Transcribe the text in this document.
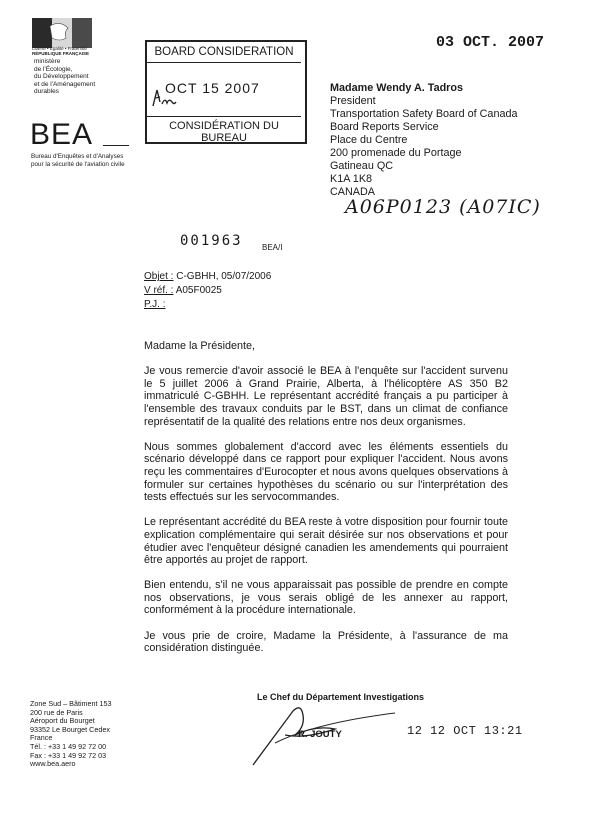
Liberté • Égalité • Fraternité
RÉPUBLIQUE FRANÇAISE
ministère
de l'Écologie,
du Développement
et de l'Aménagement
durables
BEA
Bureau d'Enquêtes et d'Analyses
pour la sécurité de l'aviation civile
BOARD CONSIDERATION
OCT 15 2007
CONSIDÉRATION DU BUREAU
03 OCT. 2007
Madame Wendy A. Tadros
President
Transportation Safety Board of Canada
Board Reports Service
Place du Centre
200 promenade du Portage
Gatineau QC
K1A 1K8
CANADA
A06P0123 (A07IC)
001963 BEA/I
Objet : C-GBHH, 05/07/2006
V réf. : A05F0025
P.J. :

Madame la Présidente,

Je vous remercie d'avoir associé le BEA à l'enquête sur l'accident survenu le 5 juillet 2006 à Grand Prairie, Alberta, à l'hélicoptère AS 350 B2 immatriculé C-GBHH. Le représentant accrédité français a pu participer à l'ensemble des travaux conduits par le BST, dans un climat de confiance représentatif de la qualité des relations entre nos deux organismes.

Nous sommes globalement d'accord avec les éléments essentiels du scénario développé dans ce rapport pour expliquer l'accident. Nous avons reçu les commentaires d'Eurocopter et nous avons quelques observations à formuler sur certaines hypothèses du scénario ou sur l'interprétation des tests effectués sur les servocommandes.

Le représentant accrédité du BEA reste à votre disposition pour fournir toute explication complémentaire qui serait désirée sur nos observations et pour étudier avec l'enquêteur désigné canadien les amendements qui pourraient être apportés au projet de rapport.

Bien entendu, s'il ne vous apparaissait pas possible de prendre en compte nos observations, je vous serais obligé de les annexer au rapport, conformément à la procédure internationale.

Je vous prie de croire, Madame la Présidente, à l'assurance de ma considération distinguée.

Le Chef du Département Investigations
R. JOUTY	12 12 OCT 13:21
Zone Sud – Bâtiment 153
200 rue de Paris
Aéroport du Bourget
93352 Le Bourget Cedex
France
Tél. : +33 1 49 92 72 00
Fax : +33 1 49 92 72 03
www.bea.aero
